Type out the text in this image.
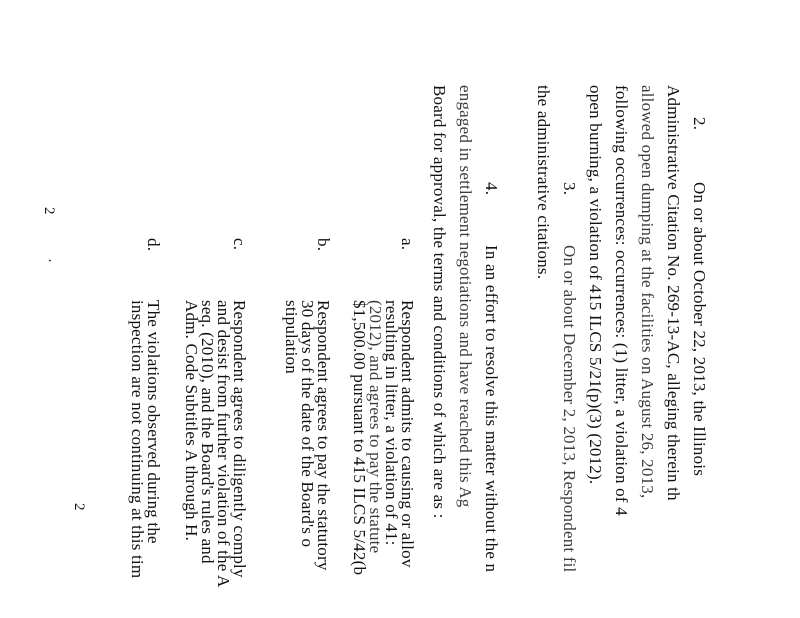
2.
On or about October 22, 2013, the Illinois
3.
On or about December 2, 2013, Respondent fil
the administrative citations.
4.
In an effort to resolve this matter without the n
engaged in settlement negotiations and have reached this Ag
Board for approval, the terms and conditions of which are as :
a.
Respondent admits to causing or allov
resulting in litter, a violation of 41:
(2012), and agrees to pay the statute
$1,500.00 pursuant to 415 ILCS 5/42(b
b.
Respondent agrees to pay the statutory
30 days of the date of the Board's o
stipulation
c.
Respondent agrees to diligently comply
and desist from further violation of the A
seq. (2010), and the Board's rules and
Adm. Code Subtitles A through H.
d.
The violations observed during the
inspection are not continuing at this tim
2
·
2
Administrative Citation No. 269-13-AC, alleging therein th
allowed open dumping at the facilities on August 26, 2013,
following occurrences: occurrences: (1) litter, a violation of 4
open burning, a violation of 415 ILCS 5/21(p)(3) (2012).
